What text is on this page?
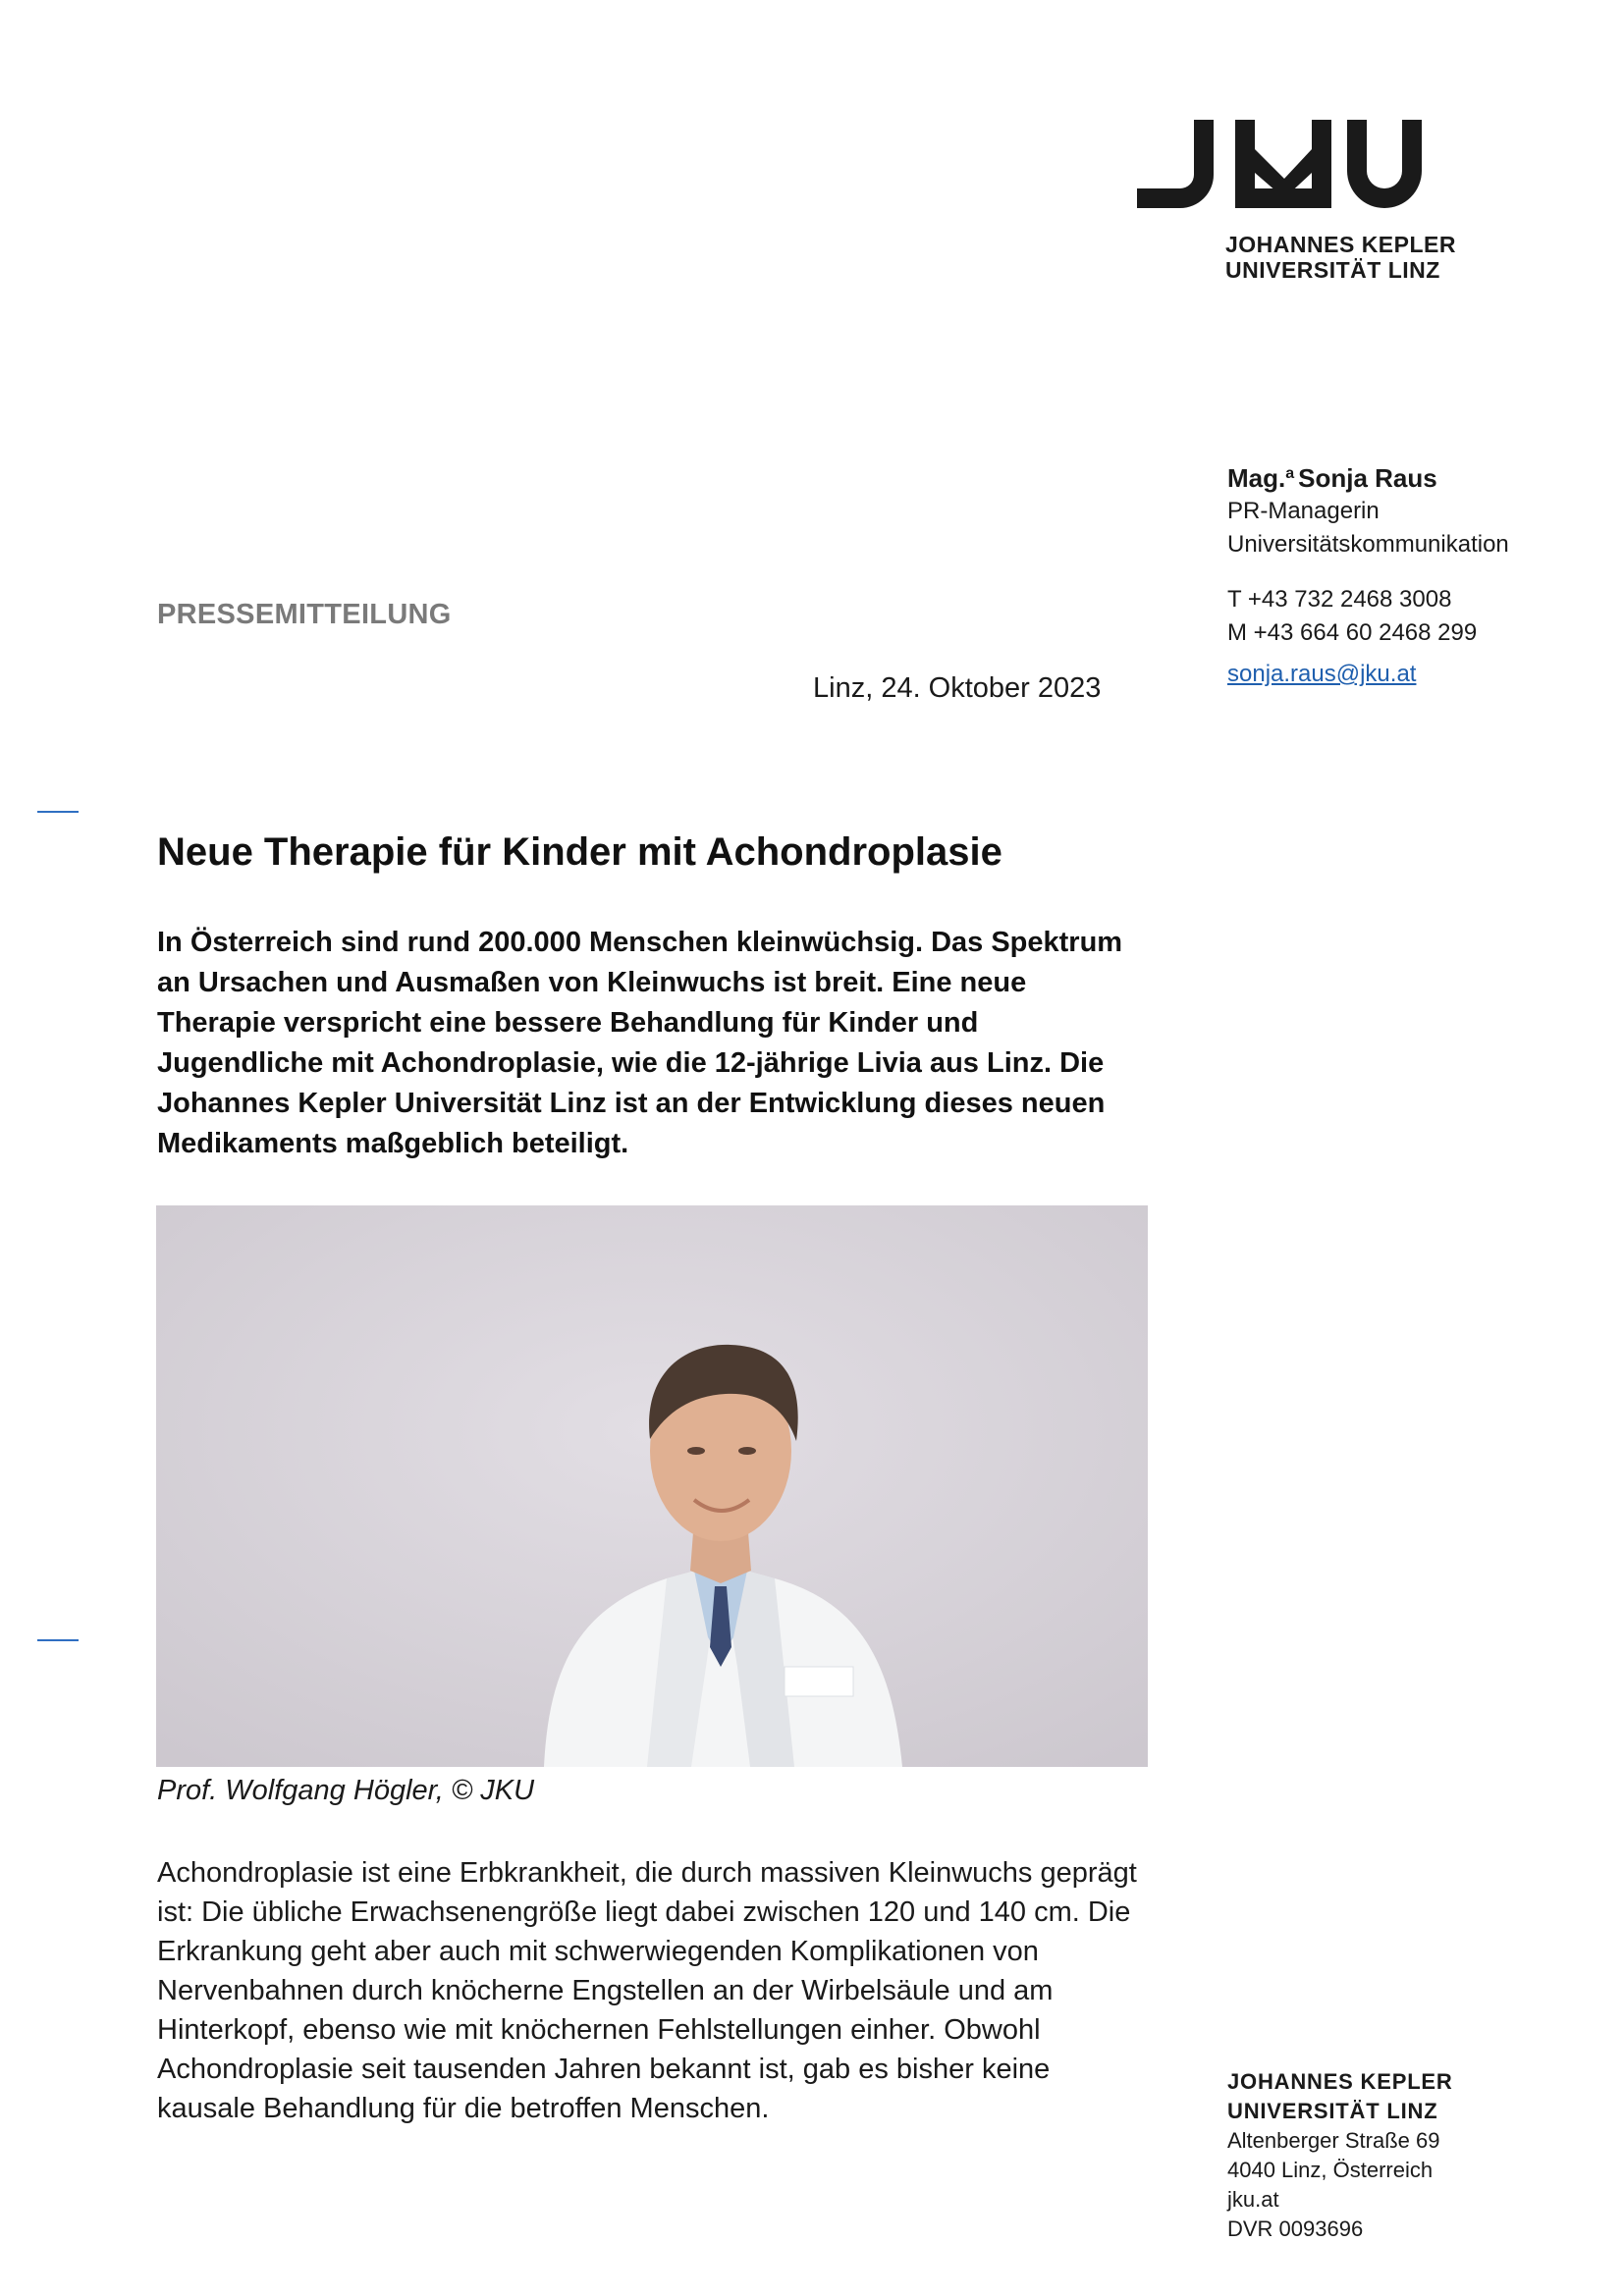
JOHANNES KEPLER
UNIVERSITÄT LINZ
Mag.$^a$ Sonja Raus
PR-Managerin
Universitätskommunikation
T +43 732 2468 3008
M +43 664 60 2468 299
sonja.raus@jku.at
PRESSEMITTEILUNG
Linz, 24. Oktober 2023
Neue Therapie für Kinder mit Achondroplasie
In Österreich sind rund 200.000 Menschen kleinwüchsig. Das Spektrum an Ursachen und Ausmaßen von Kleinwuchs ist breit. Eine neue Therapie verspricht eine bessere Behandlung für Kinder und Jugendliche mit Achondroplasie, wie die 12-jährige Livia aus Linz. Die Johannes Kepler Universität Linz ist an der Entwicklung dieses neuen Medikaments maßgeblich beteiligt.
Prof. Wolfgang Högler, © JKU
Achondroplasie ist eine Erbkrankheit, die durch massiven Kleinwuchs geprägt ist: Die übliche Erwachsenengröße liegt dabei zwischen 120 und 140 cm. Die Erkrankung geht aber auch mit schwerwiegenden Komplikationen von Nervenbahnen durch knöcherne Engstellen an der Wirbelsäule und am Hinterkopf, ebenso wie mit knöchernen Fehlstellungen einher. Obwohl Achondroplasie seit tausenden Jahren bekannt ist, gab es bisher keine kausale Behandlung für die betroffen Menschen.
JOHANNES KEPLER
UNIVERSITÄT LINZ
Altenberger Straße 69
4040 Linz, Österreich
jku.at
DVR 0093696
